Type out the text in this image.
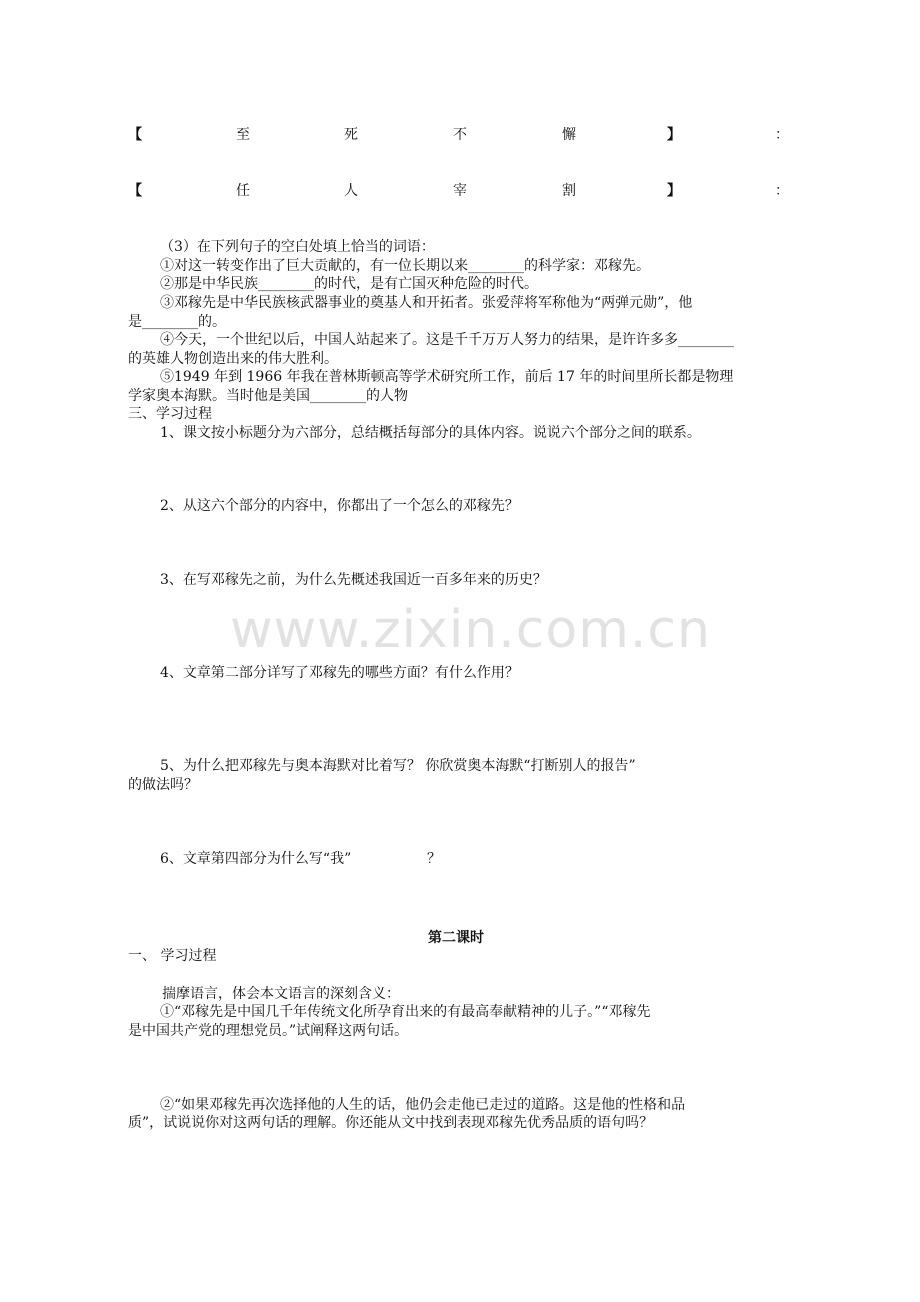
www.zixin.com.cn
【	至	死	不	懈	】	：
【	任	人	宰	割	】	：
（3）在下列句子的空白处填上恰当的词语：
①对这一转变作出了巨大贡献的，有一位长期以来________的科学家：邓稼先。
②那是中华民族________的时代，是有亡国灭种危险的时代。
③邓稼先是中华民族核武器事业的奠基人和开拓者。张爱萍将军称他为“两弹元勋”，他
是________的。
④今天，一个世纪以后，中国人站起来了。这是千千万万人努力的结果，是许许多多________
的英雄人物创造出来的伟大胜利。
⑤1949 年到 1966 年我在普林斯顿高等学术研究所工作，前后 17 年的时间里所长都是物理
学家奥本海默。当时他是美国________的人物
三、学习过程
1、课文按小标题分为六部分，总结概括每部分的具体内容。说说六个部分之间的联系。
2、从这六个部分的内容中，你都出了一个怎么的邓稼先？
3、在写邓稼先之前，为什么先概述我国近一百多年来的历史？
4、文章第二部分详写了邓稼先的哪些方面？有什么作用？
5、为什么把邓稼先与奥本海默对比着写？ 你欣赏奥本海默“打断别人的报告”
的做法吗？
6、文章第四部分为什么写“我”	？
第二课时
一、 学习过程
揣摩语言，体会本文语言的深刻含义：
①“邓稼先是中国几千年传统文化所孕育出来的有最高奉献精神的儿子。”“邓稼先
是中国共产党的理想党员。”试阐释这两句话。
②“如果邓稼先再次选择他的人生的话，他仍会走他已走过的道路。这是他的性格和品
质”，试说说你对这两句话的理解。你还能从文中找到表现邓稼先优秀品质的语句吗？
